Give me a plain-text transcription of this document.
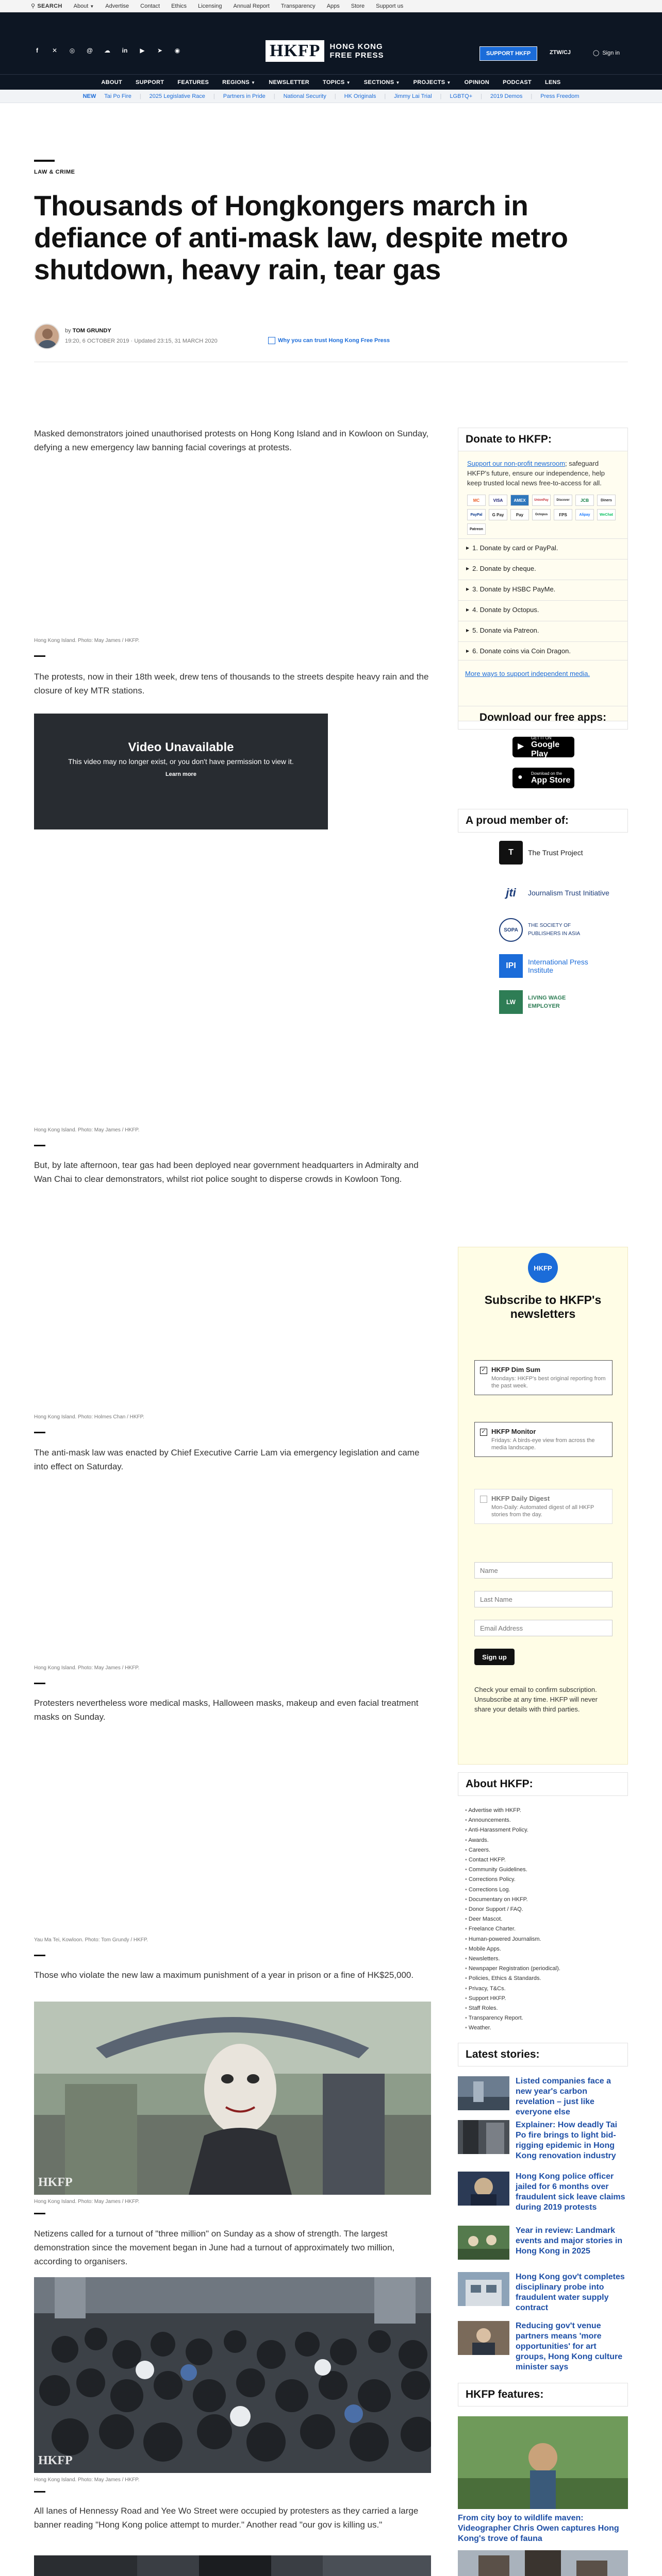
⚲ SEARCH About ▼ Advertise Contact Ethics Licensing Annual Report Transparency Apps Store Support us
f	✕	◎	@	☁	in	▶	➤	◉	HKFP	HONG KONG
FREE PRESS	SUPPORT HKFP	ZTW/CJ	◯ Sign in
ABOUT SUPPORT FEATURES REGIONS ▼ NEWSLETTER TOPICS ▼ SECTIONS ▼ PROJECTS ▼ OPINION PODCAST LENS
NEW Tai Po Fire | 2025 Legislative Race | Partners in Pride | National Security | HK Originals | Jimmy Lai Trial | LGBTQ+ | 2019 Demos | Press Freedom
LAW & CRIME
Thousands of Hongkongers march in defiance of anti-mask law, despite metro shutdown, heavy rain, tear gas
by TOM GRUNDY
19:20, 6 OCTOBER 2019 · Updated 23:15, 31 MARCH 2020	Why you can trust Hong Kong Free Press

Masked demonstrators joined unauthorised protests on Hong Kong Island and in Kowloon on Sunday, defying a new emergency law banning facial coverings at protests.

Hong Kong Island. Photo: May James / HKFP.

The protests, now in their 18th week, drew tens of thousands to the streets despite heavy rain and the closure of key MTR stations.

Video Unavailable

This video may no longer exist, or you don't have permission to view it.

Learn more
Hong Kong Island. Photo: May James / HKFP.

But, by late afternoon, tear gas had been deployed near government headquarters in Admiralty and Wan Chai to clear demonstrators, whilst riot police sought to disperse crowds in Kowloon Tong.

Hong Kong Island. Photo: Holmes Chan / HKFP.

The anti-mask law was enacted by Chief Executive Carrie Lam via emergency legislation and came into effect on Saturday.

Hong Kong Island. Photo: May James / HKFP.

Protesters nevertheless wore medical masks, Halloween masks, makeup and even facial treatment masks on Sunday.

Yau Ma Tei, Kowloon. Photo: Tom Grundy / HKFP.

Those who violate the new law a maximum punishment of a year in prison or a fine of HK$25,000.

HKFP
Hong Kong Island. Photo: May James / HKFP.

Netizens called for a turnout of "three million" on Sunday as a show of strength. The largest demonstration since the movement began in June had a turnout of approximately two million, according to organisers.

HKFP
Hong Kong Island. Photo: May James / HKFP.

All lanes of Hennessy Road and Yee Wo Street were occupied by protesters as they carried a large banner reading "Hong Kong police attempt to murder." Another read "our gov is killing us."

Donate to HKFP:
Support our non-profit newsroom; safeguard HKFP's future, ensure our independence, help keep trusted local news free-to-access for all.
MC	VISA	AMEX	UnionPay	Discover	JCB	Diners
PayPal	G Pay	Pay	Octopus	FPS	Alipay	WeChat
Patreon
▶ 1. Donate by card or PayPal.
▶ 2. Donate by cheque.
▶ 3. Donate by HSBC PayMe.
▶ 4. Donate by Octopus.
▶ 5. Donate via Patreon.
▶ 6. Donate coins via Coin Dragon.
More ways to support independent media.
Download our free apps:
▶
GET IT ON
Google Play
● Download on the
App Store
A proud member of:
T	The Trust Project
jti	Journalism Trust Initiative
SOPA
THE SOCIETY OF PUBLISHERS IN ASIA
IPI	International Press Institute
LW
LIVING WAGE EMPLOYER
HKFP
Subscribe to HKFP's newsletters
✓ HKFP Dim Sum

Mondays: HKFP's best original reporting from the past week.

✓ HKFP Monitor

Fridays: A birds-eye view from across the media landscape.

HKFP Daily Digest

Mon-Daily: Automated digest of all HKFP stories from the day.

Name
Last Name
Email Address
Sign up
Check your email to confirm subscription. Unsubscribe at any time. HKFP will never share your details with third parties.
About HKFP:
• Advertise with HKFP.
• Announcements.
• Anti-Harassment Policy.
• Awards.
• Careers.
• Contact HKFP.
• Community Guidelines.
• Corrections Policy.
• Corrections Log.
• Documentary on HKFP.
• Donor Support / FAQ.
• Deer Mascot.
• Freelance Charter.
• Human-powered Journalism.
• Mobile Apps.
• Newsletters.
• Newspaper Registration (periodical).
• Policies, Ethics & Standards.
• Privacy, T&Cs.
• Support HKFP.
• Staff Roles.
• Transparency Report.
• Weather.
Latest stories:
Listed companies face a new year's carbon revelation – just like everyone else
Explainer: How deadly Tai Po fire brings to light bid-rigging epidemic in Hong Kong renovation industry
Hong Kong police officer jailed for 6 months over fraudulent sick leave claims during 2019 protests
Year in review: Landmark events and major stories in Hong Kong in 2025
Hong Kong gov't completes disciplinary probe into fraudulent water supply contract
Reducing gov't venue partners means 'more opportunities' for art groups, Hong Kong culture minister says
HKFP features:
From city boy to wildlife maven: Videographer Chris Owen captures Hong Kong's trove of fauna
